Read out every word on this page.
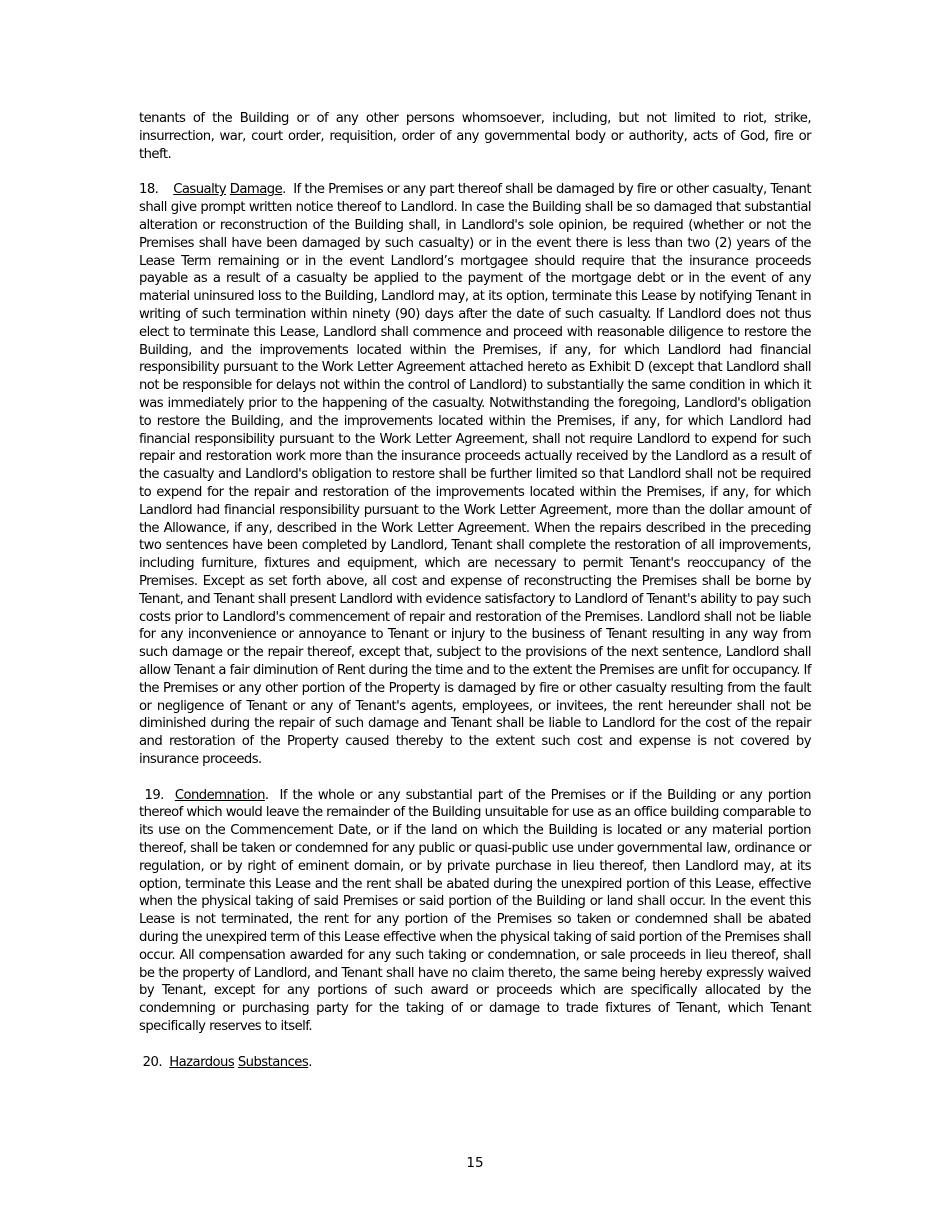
tenants of the Building or of any other persons whomsoever, including, but not limited to riot, strike, insurrection, war, court order, requisition, order of any governmental body or authority, acts of God, fire or theft.

18. Casualty Damage. If the Premises or any part thereof shall be damaged by fire or other casualty, Tenant shall give prompt written notice thereof to Landlord. In case the Building shall be so damaged that substantial alteration or reconstruction of the Building shall, in Landlord's sole opinion, be required (whether or not the Premises shall have been damaged by such casualty) or in the event there is less than two (2) years of the Lease Term remaining or in the event Landlord’s mortgagee should require that the insurance proceeds payable as a result of a casualty be applied to the payment of the mortgage debt or in the event of any material uninsured loss to the Building, Landlord may, at its option, terminate this Lease by notifying Tenant in writing of such termination within ninety (90) days after the date of such casualty. If Landlord does not thus elect to terminate this Lease, Landlord shall commence and proceed with reasonable diligence to restore the Building, and the improvements located within the Premises, if any, for which Landlord had financial responsibility pursuant to the Work Letter Agreement attached hereto as Exhibit D (except that Landlord shall not be responsible for delays not within the control of Landlord) to substantially the same condition in which it was immediately prior to the happening of the casualty. Notwithstanding the foregoing, Landlord's obligation to restore the Building, and the improvements located within the Premises, if any, for which Landlord had financial responsibility pursuant to the Work Letter Agreement, shall not require Landlord to expend for such repair and restoration work more than the insurance proceeds actually received by the Landlord as a result of the casualty and Landlord's obligation to restore shall be further limited so that Landlord shall not be required to expend for the repair and restoration of the improvements located within the Premises, if any, for which Landlord had financial responsibility pursuant to the Work Letter Agreement, more than the dollar amount of the Allowance, if any, described in the Work Letter Agreement. When the repairs described in the preceding two sentences have been completed by Landlord, Tenant shall complete the restoration of all improvements, including furniture, fixtures and equipment, which are necessary to permit Tenant's reoccupancy of the Premises. Except as set forth above, all cost and expense of reconstructing the Premises shall be borne by Tenant, and Tenant shall present Landlord with evidence satisfactory to Landlord of Tenant's ability to pay such costs prior to Landlord's commencement of repair and restoration of the Premises. Landlord shall not be liable for any inconvenience or annoyance to Tenant or injury to the business of Tenant resulting in any way from such damage or the repair thereof, except that, subject to the provisions of the next sentence, Landlord shall allow Tenant a fair diminution of Rent during the time and to the extent the Premises are unfit for occupancy. If the Premises or any other portion of the Property is damaged by fire or other casualty resulting from the fault or negligence of Tenant or any of Tenant's agents, employees, or invitees, the rent hereunder shall not be diminished during the repair of such damage and Tenant shall be liable to Landlord for the cost of the repair and restoration of the Property caused thereby to the extent such cost and expense is not covered by insurance proceeds.

19. Condemnation. If the whole or any substantial part of the Premises or if the Building or any portion thereof which would leave the remainder of the Building unsuitable for use as an office building comparable to its use on the Commencement Date, or if the land on which the Building is located or any material portion thereof, shall be taken or condemned for any public or quasi-public use under governmental law, ordinance or regulation, or by right of eminent domain, or by private purchase in lieu thereof, then Landlord may, at its option, terminate this Lease and the rent shall be abated during the unexpired portion of this Lease, effective when the physical taking of said Premises or said portion of the Building or land shall occur. In the event this Lease is not terminated, the rent for any portion of the Premises so taken or condemned shall be abated during the unexpired term of this Lease effective when the physical taking of said portion of the Premises shall occur. All compensation awarded for any such taking or condemnation, or sale proceeds in lieu thereof, shall be the property of Landlord, and Tenant shall have no claim thereto, the same being hereby expressly waived by Tenant, except for any portions of such award or proceeds which are specifically allocated by the condemning or purchasing party for the taking of or damage to trade fixtures of Tenant, which Tenant specifically reserves to itself.

20. Hazardous Substances.

15
